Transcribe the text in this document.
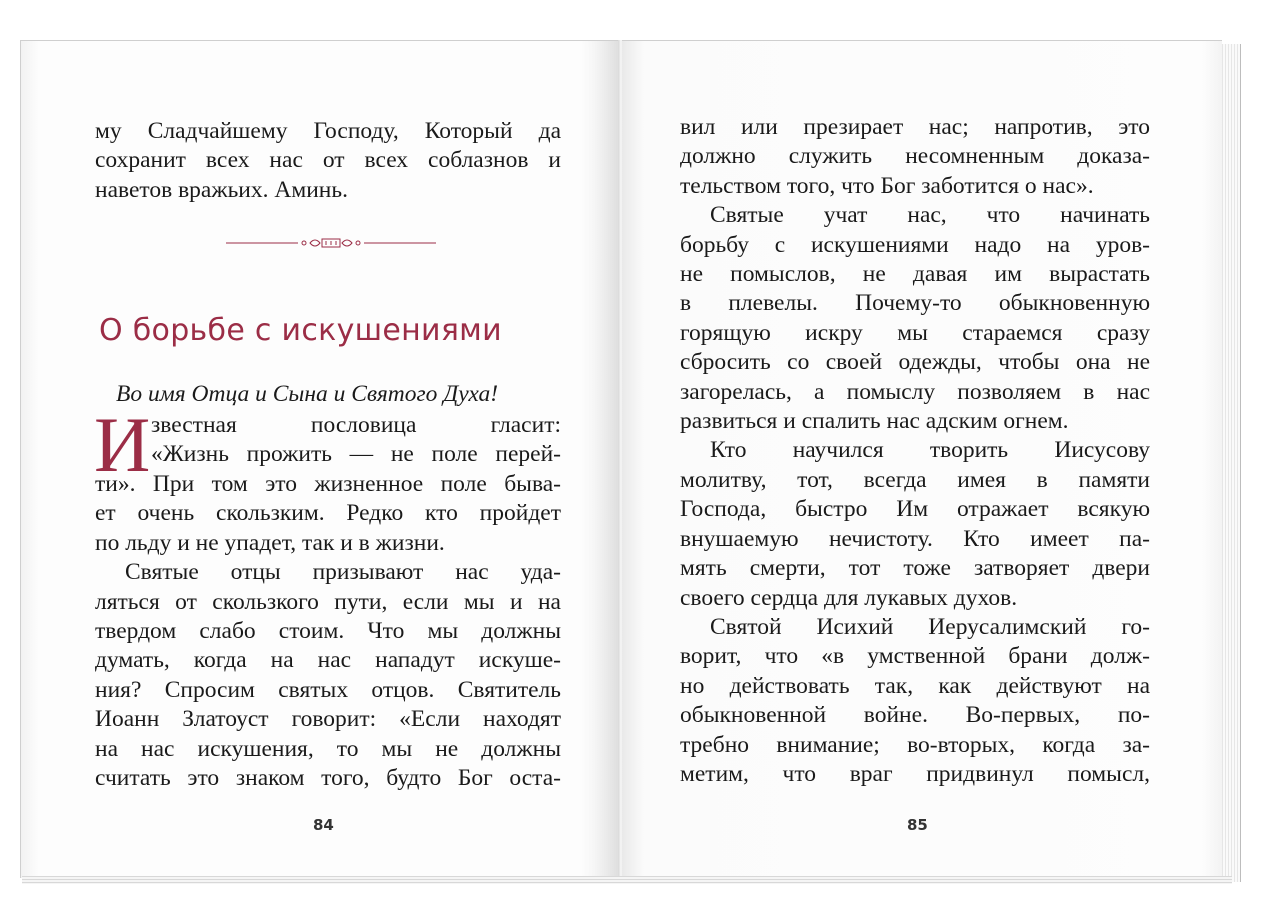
му Сладчайшему Господу, Который да
сохранит всех нас от всех соблазнов и
наветов вражьих. Аминь.
О борьбе с искушениями
Во имя Отца и Сына и Святого Духа!
И звестная пословица гласит:
«Жизнь прожить — не поле перей-
ти». При том это жизненное поле быва-
ет очень скользким. Редко кто пройдет
по льду и не упадет, так и в жизни.
Святые отцы призывают нас уда-
ляться от скользкого пути, если мы и на
твердом слабо стоим. Что мы должны
думать, когда на нас нападут искуше-
ния? Спросим святых отцов. Святитель
Иоанн Златоуст говорит: «Если находят
на нас искушения, то мы не должны
считать это знаком того, будто Бог оста-
84
вил или презирает нас; напротив, это
должно служить несомненным доказа-
тельством того, что Бог заботится о нас».
Святые учат нас, что начинать
борьбу с искушениями надо на уров-
не помыслов, не давая им вырастать
в плевелы. Почему-то обыкновенную
горящую искру мы стараемся сразу
сбросить со своей одежды, чтобы она не
загорелась, а помыслу позволяем в нас
развиться и спалить нас адским огнем.
Кто научился творить Иисусову
молитву, тот, всегда имея в памяти
Господа, быстро Им отражает всякую
внушаемую нечистоту. Кто имеет па-
мять смерти, тот тоже затворяет двери
своего сердца для лукавых духов.
Святой Исихий Иерусалимский го-
ворит, что «в умственной брани долж-
но действовать так, как действуют на
обыкновенной войне. Во-первых, по-
требно внимание; во-вторых, когда за-
метим, что враг придвинул помысл,
85
